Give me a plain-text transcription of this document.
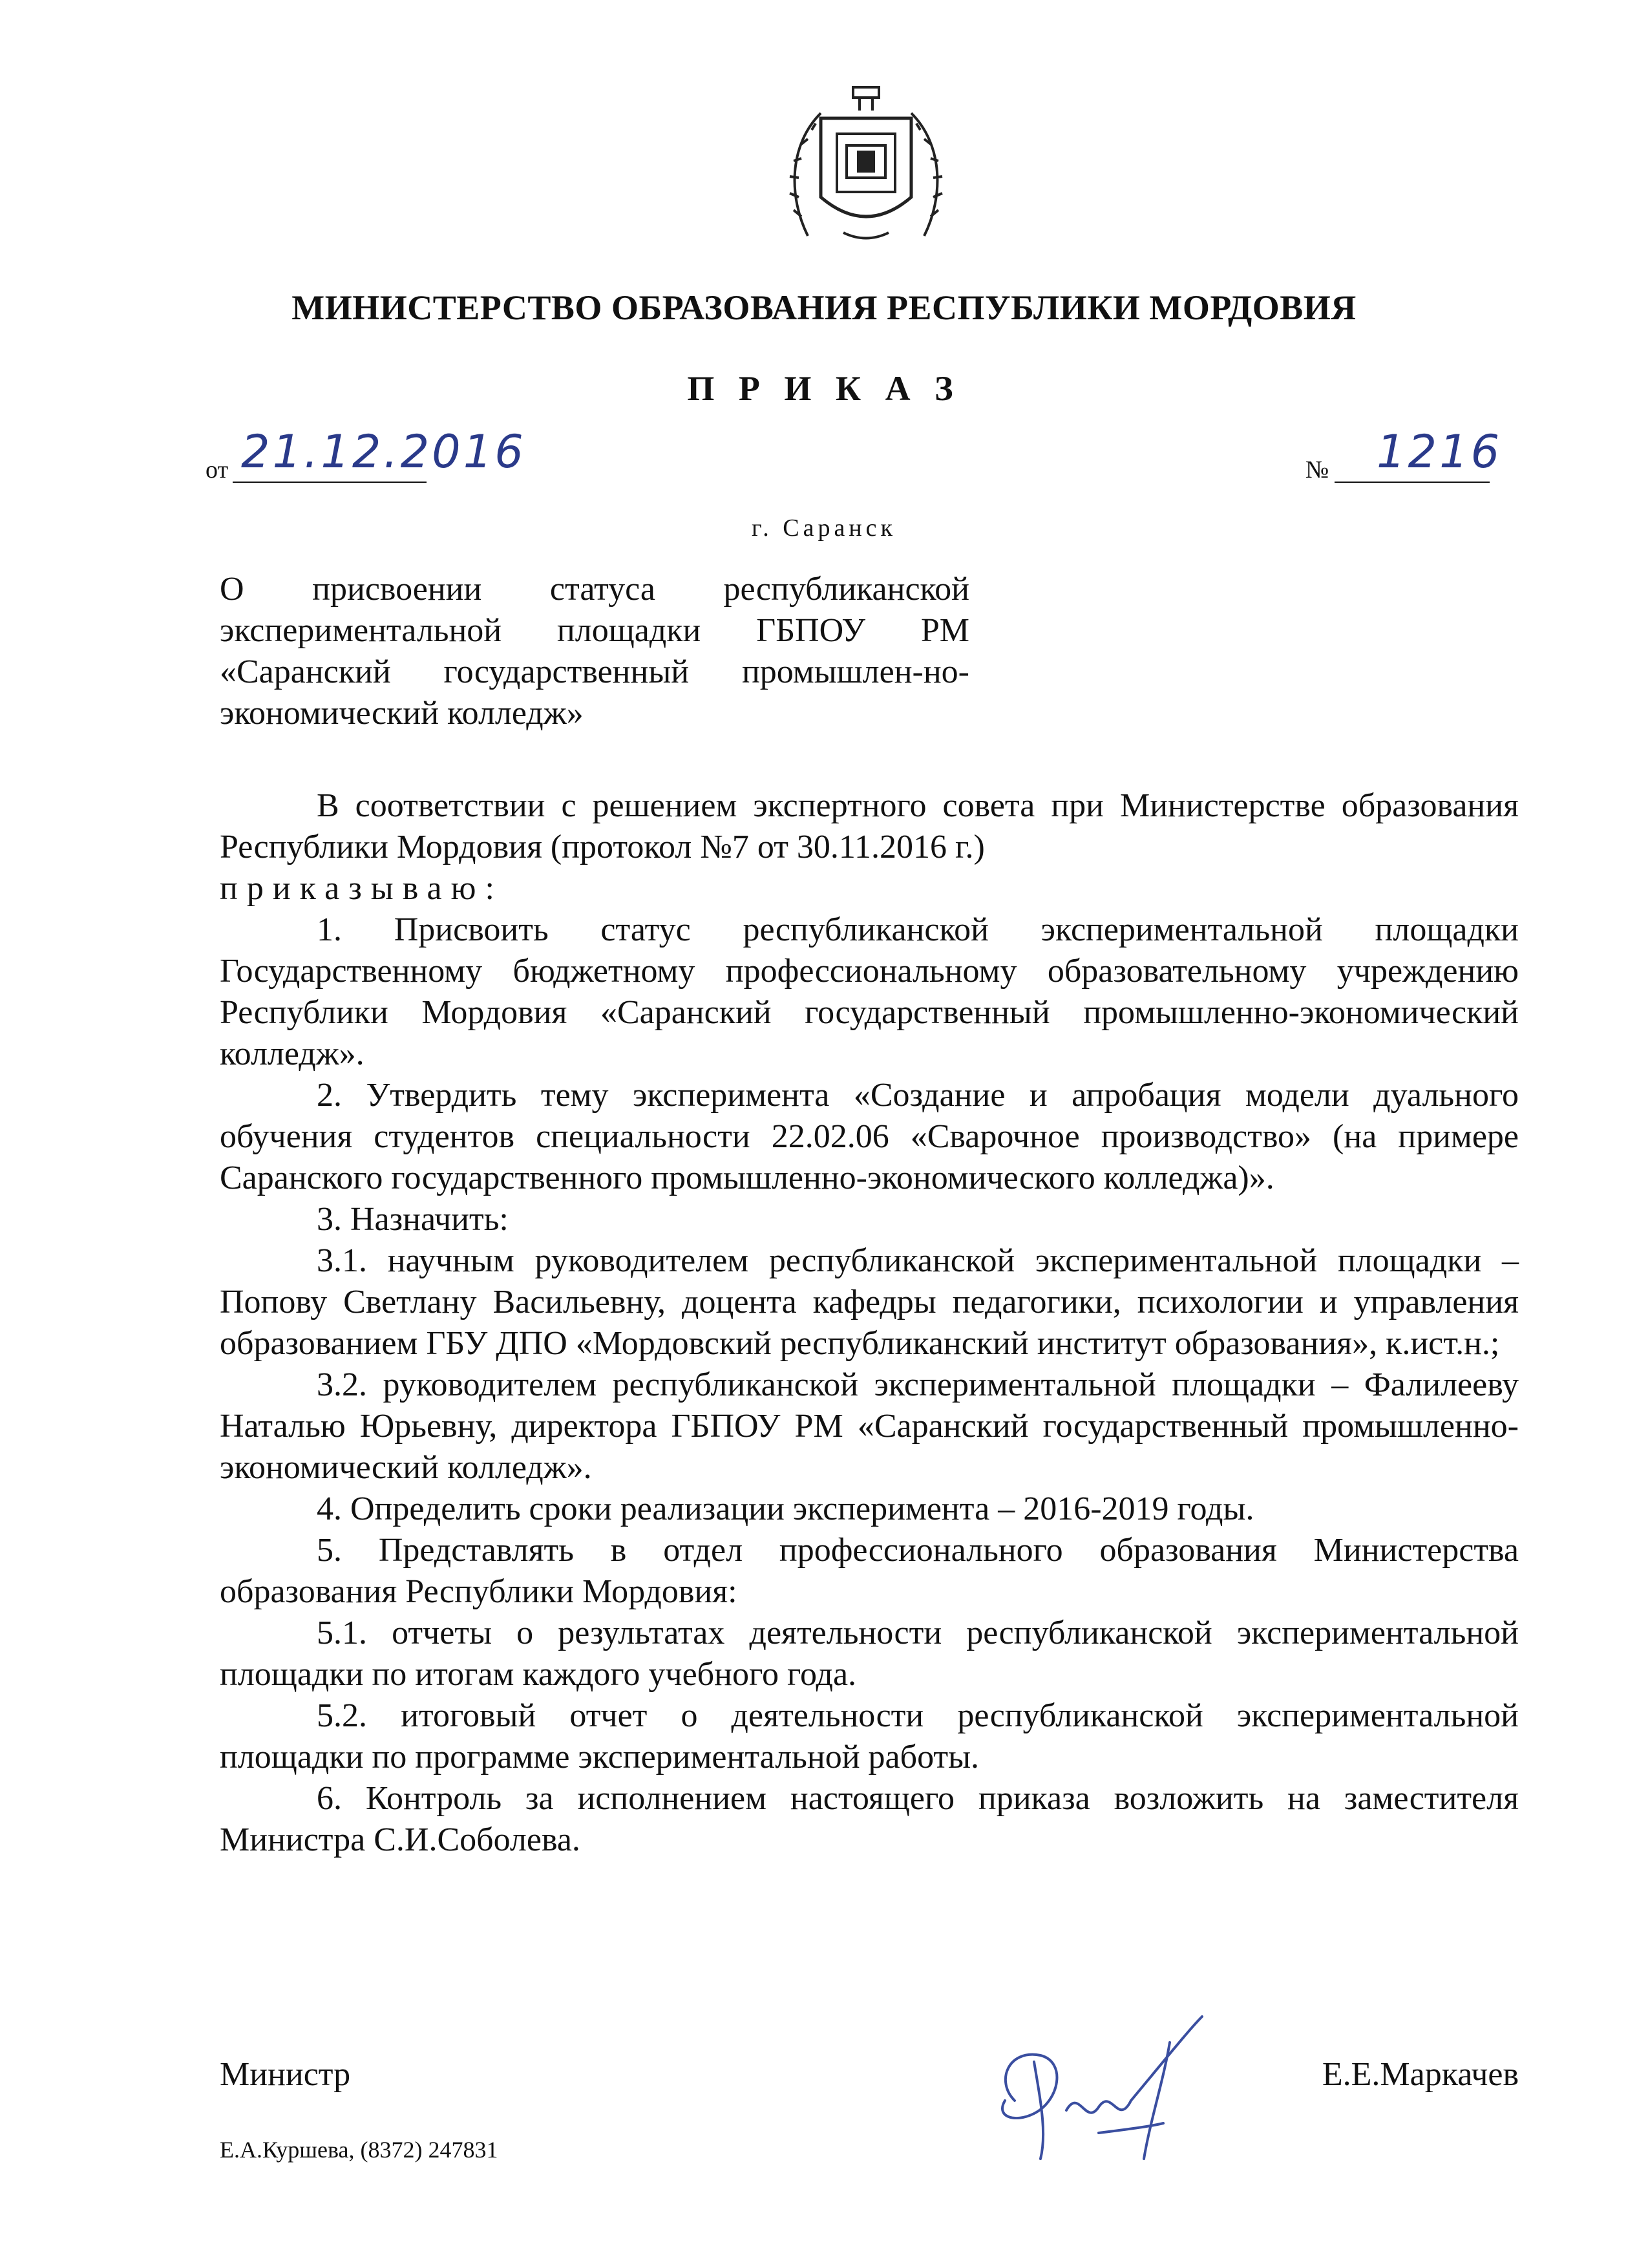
МИНИСТЕРСТВО ОБРАЗОВАНИЯ РЕСПУБЛИКИ МОРДОВИЯ
П Р И К А З
от 21.12.2016	№ 1216
г. Саранск
О присвоении статуса республиканской экспериментальной площадки ГБПОУ РМ «Саранский государственный промышлен-но-экономический колледж»

В соответствии с решением экспертного совета при Министерстве образования Республики Мордовия (протокол №7 от 30.11.2016 г.)

приказываю:

1. Присвоить статус республиканской экспериментальной площадки Государственному бюджетному профессиональному образовательному учреждению Республики Мордовия «Саранский государственный промышленно-экономический колледж».

2. Утвердить тему эксперимента «Создание и апробация модели дуального обучения студентов специальности 22.02.06 «Сварочное производство» (на примере Саранского государственного промышленно-экономического колледжа)».

3. Назначить:

3.1. научным руководителем республиканской экспериментальной площадки – Попову Светлану Васильевну, доцента кафедры педагогики, психологии и управления образованием ГБУ ДПО «Мордовский республиканский институт образования», к.ист.н.;

3.2. руководителем республиканской экспериментальной площадки – Фалилееву Наталью Юрьевну, директора ГБПОУ РМ «Саранский государственный промышленно-экономический колледж».

4. Определить сроки реализации эксперимента – 2016-2019 годы.

5. Представлять в отдел профессионального образования Министерства образования Республики Мордовия:

5.1. отчеты о результатах деятельности республиканской экспериментальной площадки по итогам каждого учебного года.

5.2. итоговый отчет о деятельности республиканской экспериментальной площадки по программе экспериментальной работы.

6. Контроль за исполнением настоящего приказа возложить на заместителя Министра С.И.Соболева.

Министр	Е.Е.Маркачев
Е.А.Куршева, (8372) 247831
